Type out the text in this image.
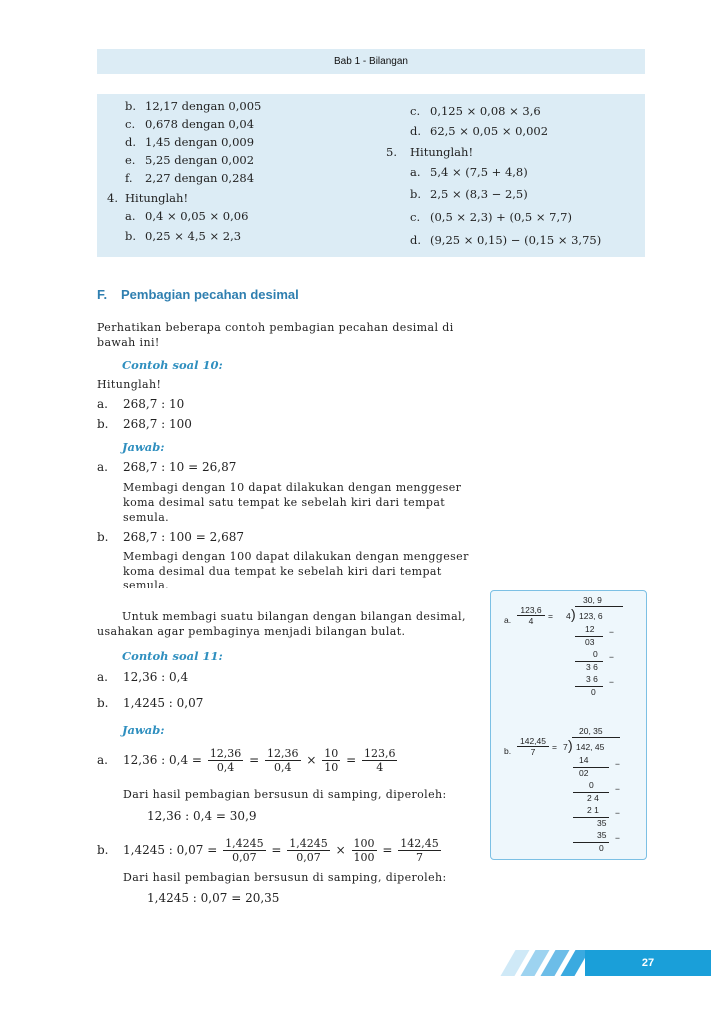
Bab 1 - Bilangan
b. 12,17 dengan 0,005
c. 0,678 dengan 0,04
d. 1,45 dengan 0,009
e. 5,25 dengan 0,002
f. 2,27 dengan 0,284
4. Hitunglah!
a. 0,4 × 0,05 × 0,06
b. 0,25 × 4,5 × 2,3
c. 0,125 × 0,08 × 3,6
d. 62,5 × 0,05 × 0,002
5. Hitunglah!
a. 5,4 × (7,5 + 4,8)
b. 2,5 × (8,3 − 2,5)
c. (0,5 × 2,3) + (0,5 × 7,7)
d. (9,25 × 0,15) − (0,15 × 3,75)
F. Pembagian pecahan desimal
Perhatikan beberapa contoh pembagian pecahan desimal di
bawah ini!
Contoh soal 10:
Hitunglah!
a. 268,7 : 10
b. 268,7 : 100
Jawab:
a. 268,7 : 10 = 26,87
Membagi dengan 10 dapat dilakukan dengan menggeser
koma desimal satu tempat ke sebelah kiri dari tempat
semula.
b. 268,7 : 100 = 2,687
Membagi dengan 100 dapat dilakukan dengan menggeser
koma desimal dua tempat ke sebelah kiri dari tempat
semula.
Untuk membagi suatu bilangan dengan bilangan desimal,
usahakan agar pembaginya menjadi bilangan bulat.
Contoh soal 11:
a. 12,36 : 0,4
b. 1,4245 : 0,07
Jawab:
a. 12,36 : $0,4 = \frac{12,36}{0,4} = \frac{12,36}{0,4} \times \frac{10}{10} = \frac{123,6}{4}$
Dari hasil pembagian bersusun di samping, diperoleh:
12,36 : 0,4 = 30,9
b. 1,4245 : $0,07 = \frac{1,4245}{0,07} = \frac{1,4245}{0,07} \times \frac{100}{100} = \frac{142,45}{7}$
Dari hasil pembagian bersusun di samping, diperoleh:
1,4245 : 0,07 = 20,35
a.
123,6
4	= 4 )
30, 9
123, 6
12 −
03
0 −
3 6
3 6 −
0
b.
142,45
7	= 7 )
20, 35
142, 45
14	−
02
0	−
2 4
2 1 −
35
35 −
0
27
